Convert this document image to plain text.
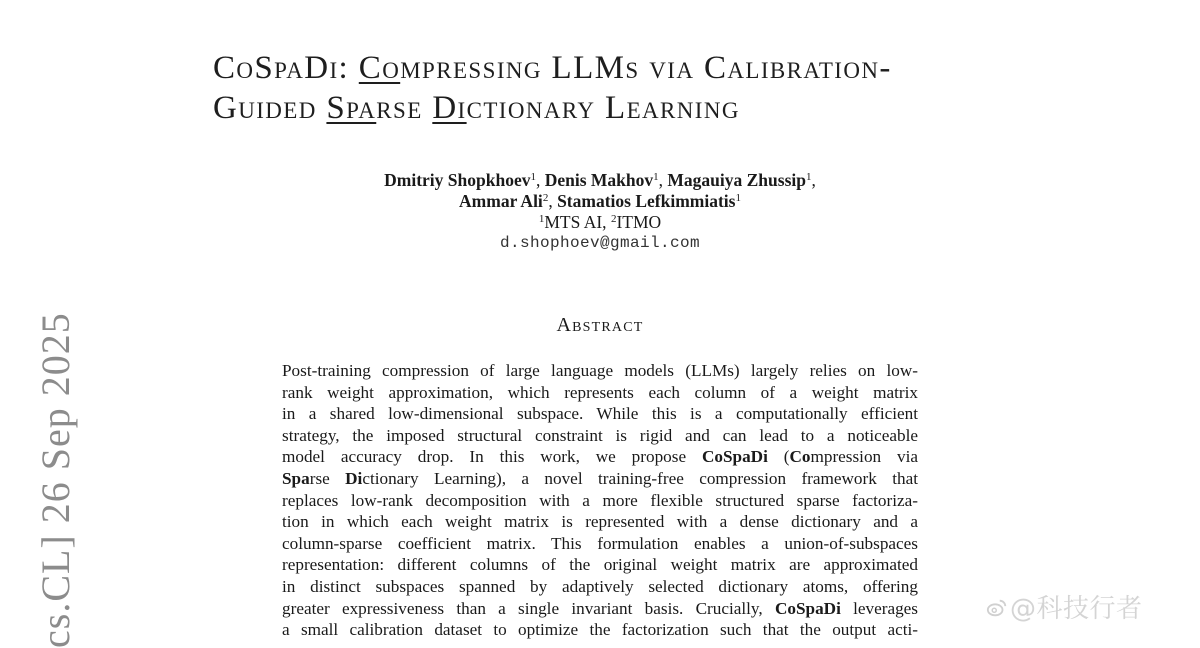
CoSpaDi: Compressing LLMs via Calibration-
Guided Sparse Dictionary Learning
Dmitriy Shopkhoev$^1$, Denis Makhov$^1$, Magauiya Zhussip$^1$,
Ammar Ali$^2$, Stamatios Lefkimmiatis$^1$
$^1$MTS AI, $^2$ITMO
d.shophoev@gmail.com
Abstract
Post-training compression of large language models (LLMs) largely relies on low-
rank weight approximation, which represents each column of a weight matrix
in a shared low-dimensional subspace. While this is a computationally efficient
strategy, the imposed structural constraint is rigid and can lead to a noticeable
model accuracy drop. In this work, we propose CoSpaDi (Compression via
Sparse Dictionary Learning), a novel training-free compression framework that
replaces low-rank decomposition with a more flexible structured sparse factoriza-
tion in which each weight matrix is represented with a dense dictionary and a
column-sparse coefficient matrix. This formulation enables a union-of-subspaces
representation: different columns of the original weight matrix are approximated
in distinct subspaces spanned by adaptively selected dictionary atoms, offering
greater expressiveness than a single invariant basis. Crucially, CoSpaDi leverages
a small calibration dataset to optimize the factorization such that the output acti-
cs.CL] 26 Sep 2025	@科技行者
